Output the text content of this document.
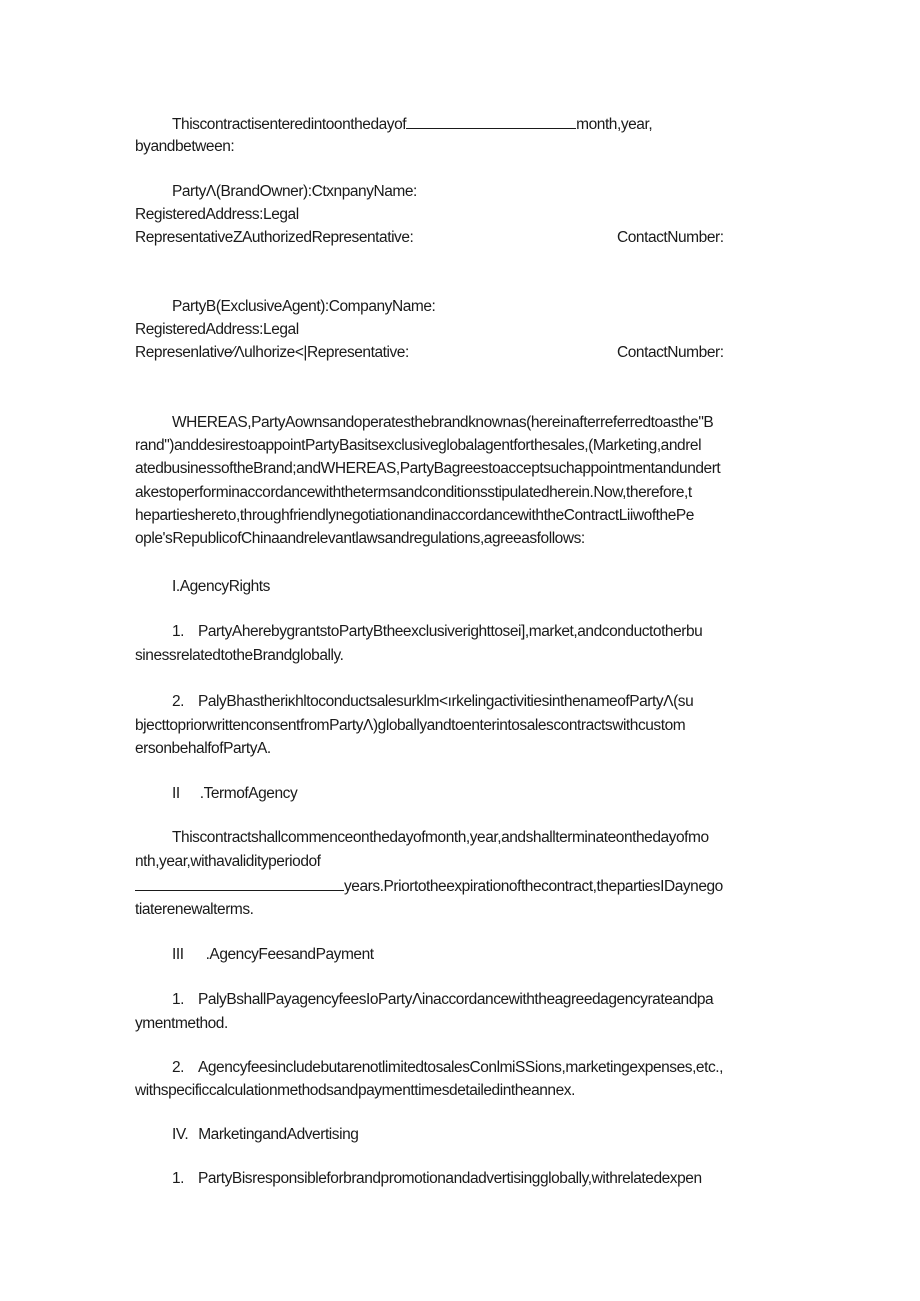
Thiscontractisenteredintoonthedayof	month,year,
byandbetween:
PartyΛ(BrandOwner):CtxnpanyName:
RegisteredAddress:Legal
RepresentativeZAuthorizedRepresentative:	ContactNumber:
PartyB(ExclusiveAgent):CompanyName:
RegisteredAddress:Legal
Represenlative⁄Λulhorize<|Representative:	ContactNumber:
WHEREAS,PartyAownsandoperatesthebrandknownas(hereinafterreferredtoasthe"B
rand")anddesirestoappointPartyBasitsexclusiveglobalagentforthesales,(Marketing,andrel
atedbusinessoftheBrand;andWHEREAS,PartyBagreestoacceptsuchappointmentandundert
akestoperforminaccordancewiththetermsandconditionsstipulatedherein.Now,therefore,t
hepartieshereto,throughfriendlynegotiationandinaccordancewiththeContractLiiwofthePe
ople'sRepublicofChinaandrelevantlawsandregulations,agreeasfollows:
I.AgencyRights
1. PartyAherebygrantstoPartyBtheexclusiverighttosei],market,andconductotherbu
sinessrelatedtotheBrandglobally.
2. PalyBhastheriĸhltoconductsalesurklm<ırkelingactivitiesinthenameofPartyΛ(su
bjecttopriorwrittenconsentfromPartyΛ)globallyandtoenterintosalescontractswithcustom
ersonbehalfofPartyA.
II .TermofAgency
Thiscontractshallcommenceonthedayofmonth,year,andshallterminateonthedayofmo
nth,year,withavalidityperiodof
years.Priortotheexpirationofthecontract,thepartiesIDaynego
tiaterenewalterms.
III .AgencyFeesandPayment
1. PalyBshallPayagencyfeesIoPartyΛinaccordancewiththeagreedagencyrateandpa
ymentmethod.
2. AgencyfeesincludebutarenotlimitedtosalesConlmiSSions,marketingexpenses,etc.,
withspecificcalculationmethodsandpaymenttimesdetailedintheannex.
IV. MarketingandAdvertising
1. PartyBisresponsibleforbrandpromotionandadvertisingglobally,withrelatedexpen
